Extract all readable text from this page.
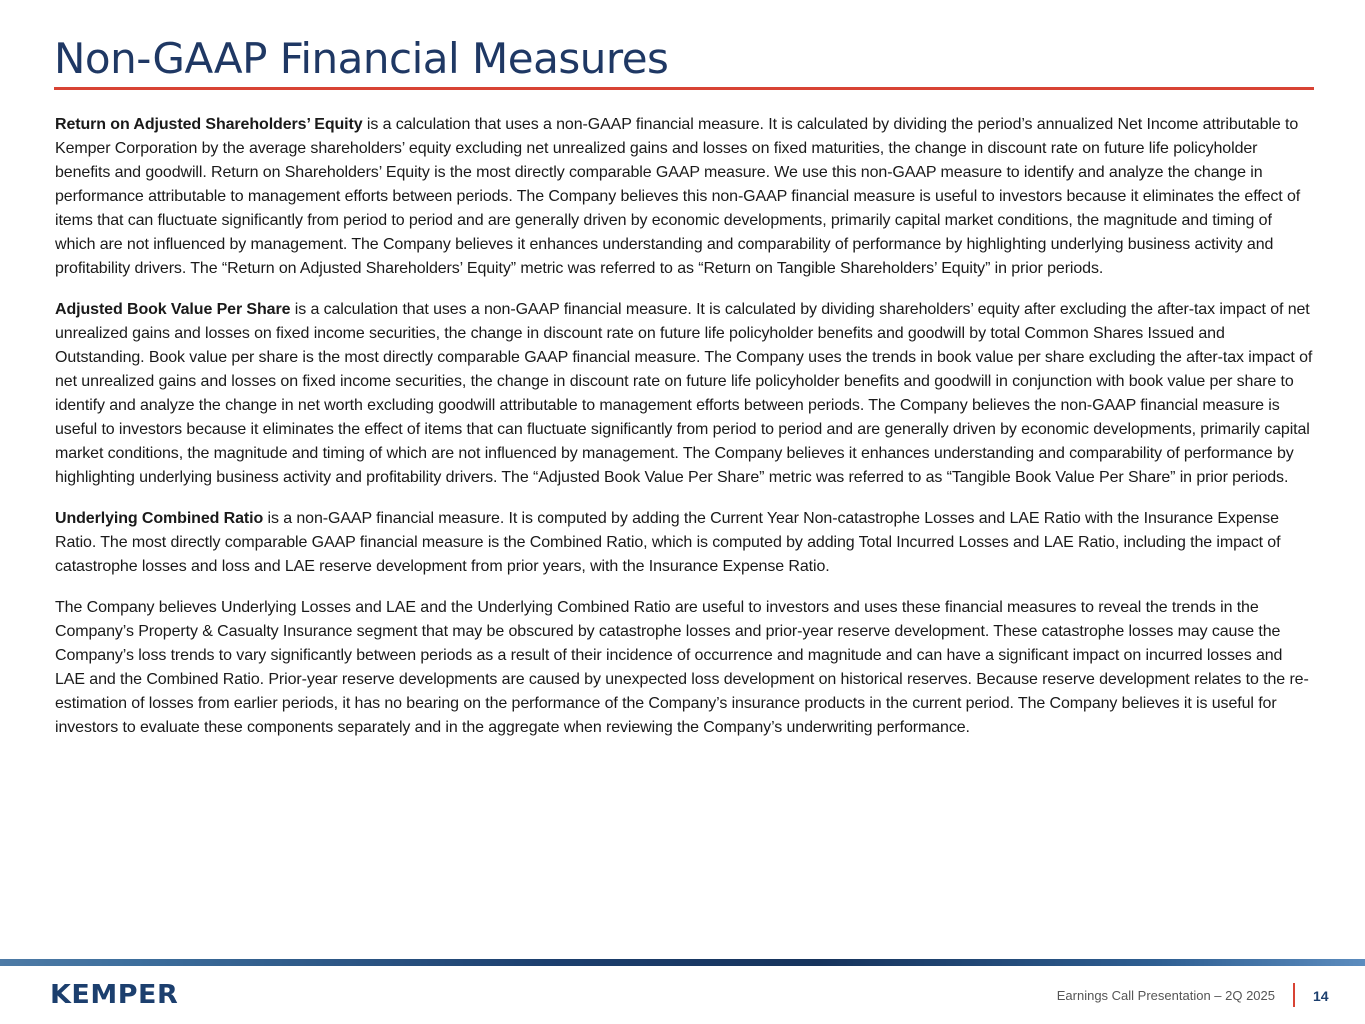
Non-GAAP Financial Measures

Return on Adjusted Shareholders’ Equity is a calculation that uses a non-GAAP financial measure. It is calculated by dividing the period’s annualized Net Income attributable to Kemper Corporation by the average shareholders’ equity excluding net unrealized gains and losses on fixed maturities, the change in discount rate on future life policyholder benefits and goodwill. Return on Shareholders’ Equity is the most directly comparable GAAP measure. We use this non-GAAP measure to identify and analyze the change in performance attributable to management efforts between periods. The Company believes this non-GAAP financial measure is useful to investors because it eliminates the effect of items that can fluctuate significantly from period to period and are generally driven by economic developments, primarily capital market conditions, the magnitude and timing of which are not influenced by management. The Company believes it enhances understanding and comparability of performance by highlighting underlying business activity and profitability drivers. The “Return on Adjusted Shareholders’ Equity” metric was referred to as “Return on Tangible Shareholders’ Equity” in prior periods.

Adjusted Book Value Per Share is a calculation that uses a non-GAAP financial measure. It is calculated by dividing shareholders’ equity after excluding the after-tax impact of net unrealized gains and losses on fixed income securities, the change in discount rate on future life policyholder benefits and goodwill by total Common Shares Issued and Outstanding. Book value per share is the most directly comparable GAAP financial measure. The Company uses the trends in book value per share excluding the after-tax impact of net unrealized gains and losses on fixed income securities, the change in discount rate on future life policyholder benefits and goodwill in conjunction with book value per share to identify and analyze the change in net worth excluding goodwill attributable to management efforts between periods. The Company believes the non-GAAP financial measure is useful to investors because it eliminates the effect of items that can fluctuate significantly from period to period and are generally driven by economic developments, primarily capital market conditions, the magnitude and timing of which are not influenced by management. The Company believes it enhances understanding and comparability of performance by highlighting underlying business activity and profitability drivers. The “Adjusted Book Value Per Share” metric was referred to as “Tangible Book Value Per Share” in prior periods.

Underlying Combined Ratio is a non-GAAP financial measure. It is computed by adding the Current Year Non-catastrophe Losses and LAE Ratio with the Insurance Expense Ratio. The most directly comparable GAAP financial measure is the Combined Ratio, which is computed by adding Total Incurred Losses and LAE Ratio, including the impact of catastrophe losses and loss and LAE reserve development from prior years, with the Insurance Expense Ratio.

The Company believes Underlying Losses and LAE and the Underlying Combined Ratio are useful to investors and uses these financial measures to reveal the trends in the Company’s Property & Casualty Insurance segment that may be obscured by catastrophe losses and prior-year reserve development. These catastrophe losses may cause the Company’s loss trends to vary significantly between periods as a result of their incidence of occurrence and magnitude and can have a significant impact on incurred losses and LAE and the Combined Ratio. Prior-year reserve developments are caused by unexpected loss development on historical reserves. Because reserve development relates to the re-estimation of losses from earlier periods, it has no bearing on the performance of the Company’s insurance products in the current period. The Company believes it is useful for investors to evaluate these components separately and in the aggregate when reviewing the Company’s underwriting performance.

KEMPER	Earnings Call Presentation – 2Q 2025	14
